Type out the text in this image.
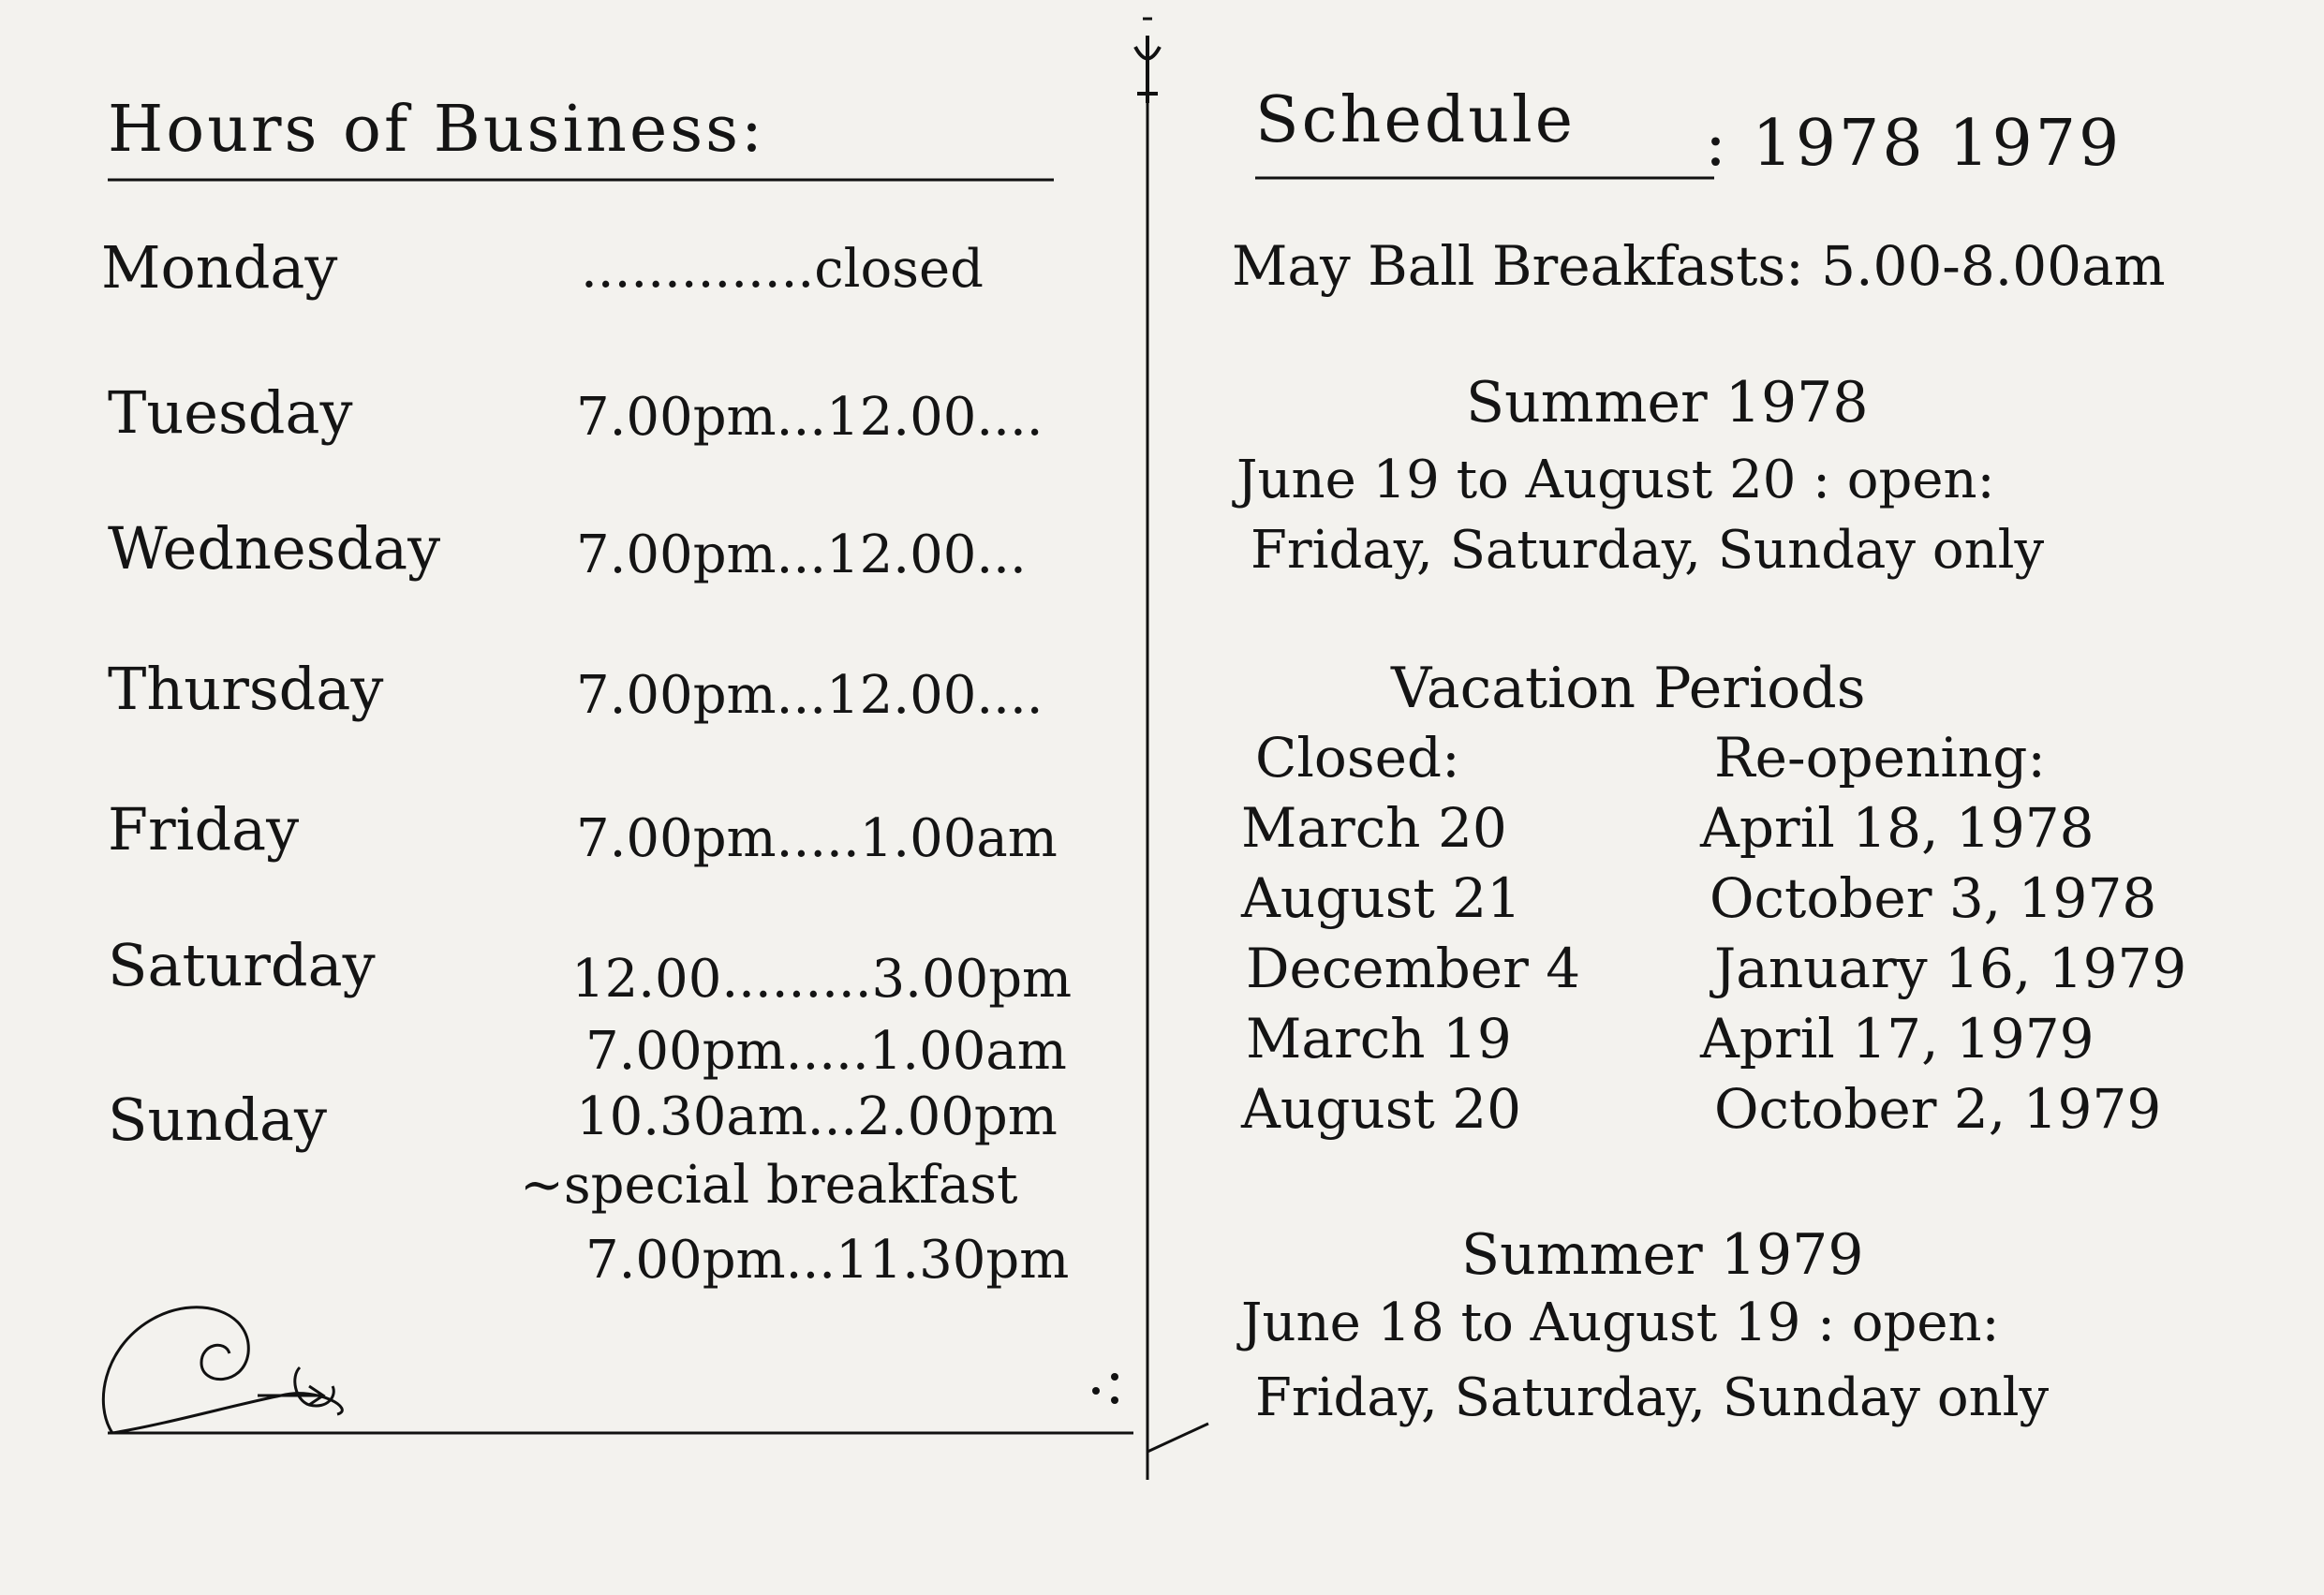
Hours of Business:
Monday	..............closed
Tuesday	7.00pm...12.00....
Wednesday	7.00pm...12.00...
Thursday	7.00pm...12.00....
Friday	7.00pm.....1.00am
Saturday	12.00.........3.00pm
7.00pm.....1.00am
Sunday	10.30am...2.00pm
~special breakfast
7.00pm...11.30pm
Schedule : 1978 1979
May Ball Breakfasts: 5.00-8.00am
Summer 1978
June 19 to August 20 : open:
Friday, Saturday, Sunday only
Vacation Periods
Closed:	Re-opening:
March 20	April 18, 1978
August 21	October 3, 1978
December 4 January 16, 1979
March 19	April 17, 1979
August 20	October 2, 1979
Summer 1979
June 18 to August 19 : open:
Friday, Saturday, Sunday only
